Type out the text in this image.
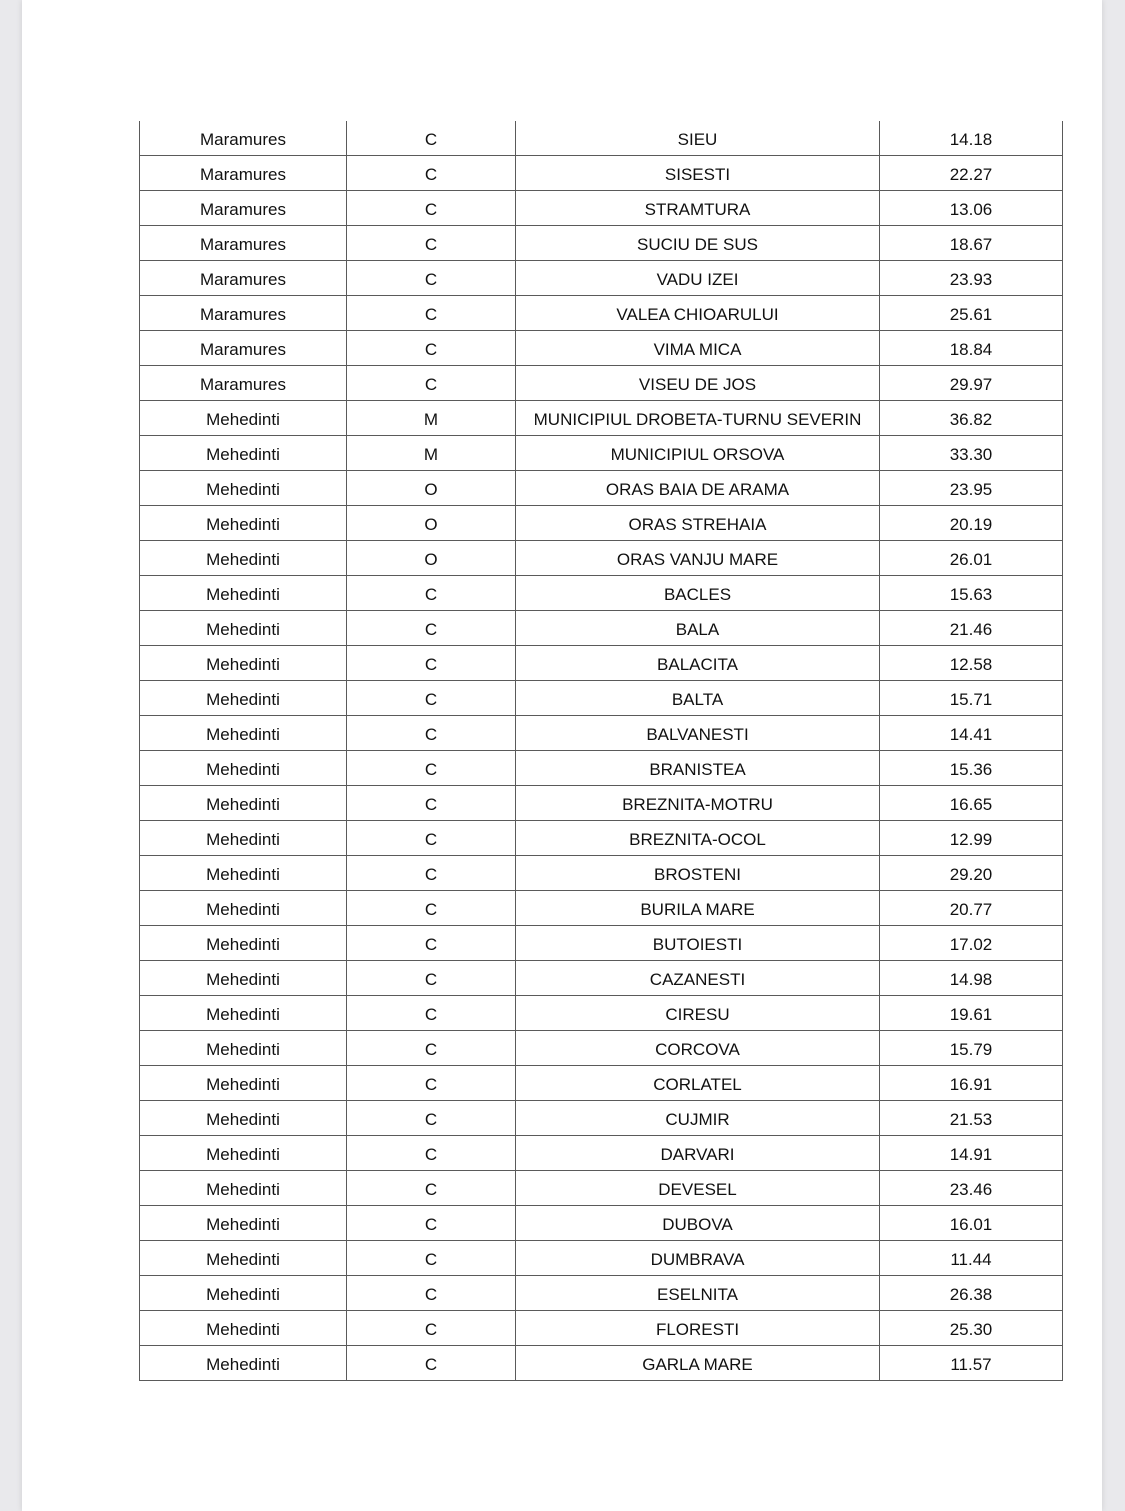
Maramures	C	SIEU	14.18
Maramures	C	SISESTI	22.27
Maramures	C	STRAMTURA	13.06
Maramures	C	SUCIU DE SUS	18.67
Maramures	C	VADU IZEI	23.93
Maramures	C	VALEA CHIOARULUI	25.61
Maramures	C	VIMA MICA	18.84
Maramures	C	VISEU DE JOS	29.97
Mehedinti	M	MUNICIPIUL DROBETA-TURNU SEVERIN	36.82
Mehedinti	M	MUNICIPIUL ORSOVA	33.30
Mehedinti	O	ORAS BAIA DE ARAMA	23.95
Mehedinti	O	ORAS STREHAIA	20.19
Mehedinti	O	ORAS VANJU MARE	26.01
Mehedinti	C	BACLES	15.63
Mehedinti	C	BALA	21.46
Mehedinti	C	BALACITA	12.58
Mehedinti	C	BALTA	15.71
Mehedinti	C	BALVANESTI	14.41
Mehedinti	C	BRANISTEA	15.36
Mehedinti	C	BREZNITA-MOTRU	16.65
Mehedinti	C	BREZNITA-OCOL	12.99
Mehedinti	C	BROSTENI	29.20
Mehedinti	C	BURILA MARE	20.77
Mehedinti	C	BUTOIESTI	17.02
Mehedinti	C	CAZANESTI	14.98
Mehedinti	C	CIRESU	19.61
Mehedinti	C	CORCOVA	15.79
Mehedinti	C	CORLATEL	16.91
Mehedinti	C	CUJMIR	21.53
Mehedinti	C	DARVARI	14.91
Mehedinti	C	DEVESEL	23.46
Mehedinti	C	DUBOVA	16.01
Mehedinti	C	DUMBRAVA	11.44
Mehedinti	C	ESELNITA	26.38
Mehedinti	C	FLORESTI	25.30
Mehedinti	C	GARLA MARE	11.57
